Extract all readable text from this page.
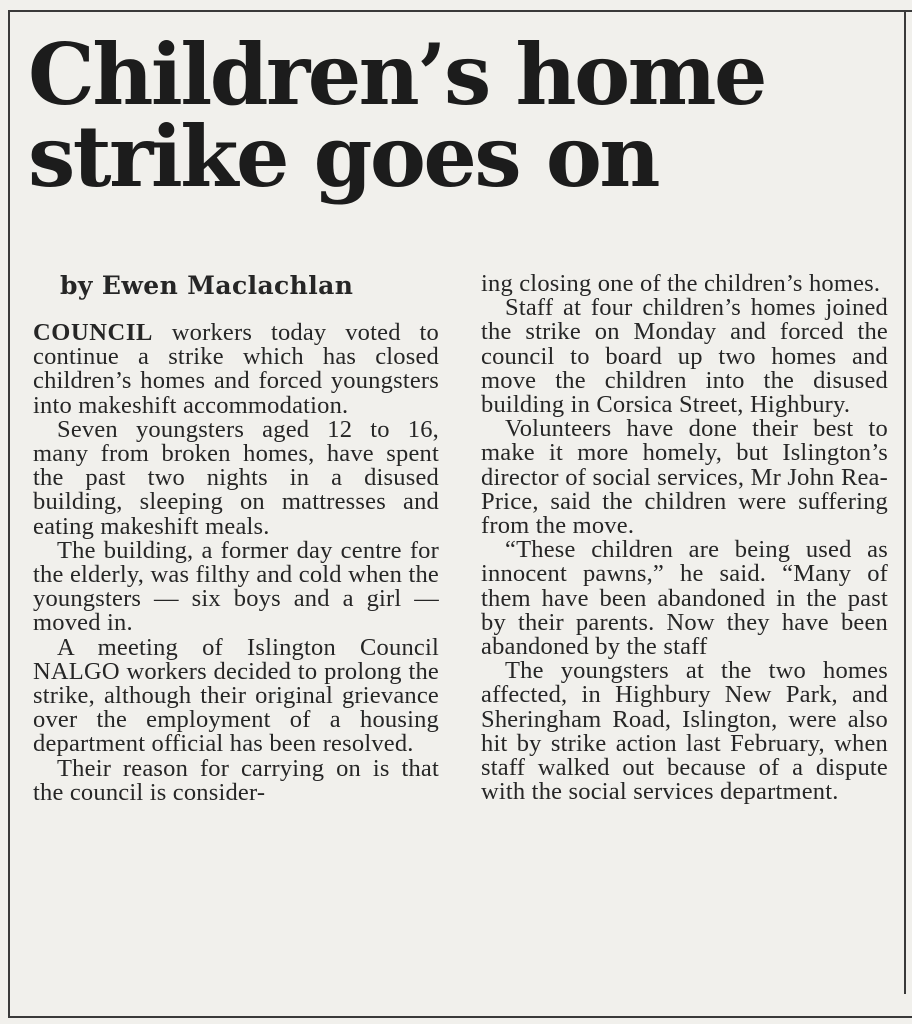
Children’s home
strike goes on

by Ewen Maclachlan

COUNCIL workers today voted to continue a strike which has closed children’s homes and forced youngsters into makeshift accommodation.

Seven youngsters aged 12 to 16, many from broken homes, have spent the past two nights in a disused building, sleeping on mattresses and eating makeshift meals.

The building, a former day centre for the elderly, was filthy and cold when the youngsters — six boys and a girl — moved in.

A meeting of Islington Council NALGO workers decided to prolong the strike, although their original grievance over the employment of a housing department official has been resolved.

Their reason for carrying on is that the council is consider-

ing closing one of the children’s homes.

Staff at four children’s homes joined the strike on Monday and forced the council to board up two homes and move the children into the disused building in Corsica Street, Highbury.

Volunteers have done their best to make it more homely, but Islington’s director of social services, Mr John Rea-Price, said the children were suffering from the move.

“These children are being used as innocent pawns,” he said. “Many of them have been abandoned in the past by their parents. Now they have been abandoned by the staff

The youngsters at the two homes affected, in Highbury New Park, and Sheringham Road, Islington, were also hit by strike action last February, when staff walked out because of a dispute with the social services department.
